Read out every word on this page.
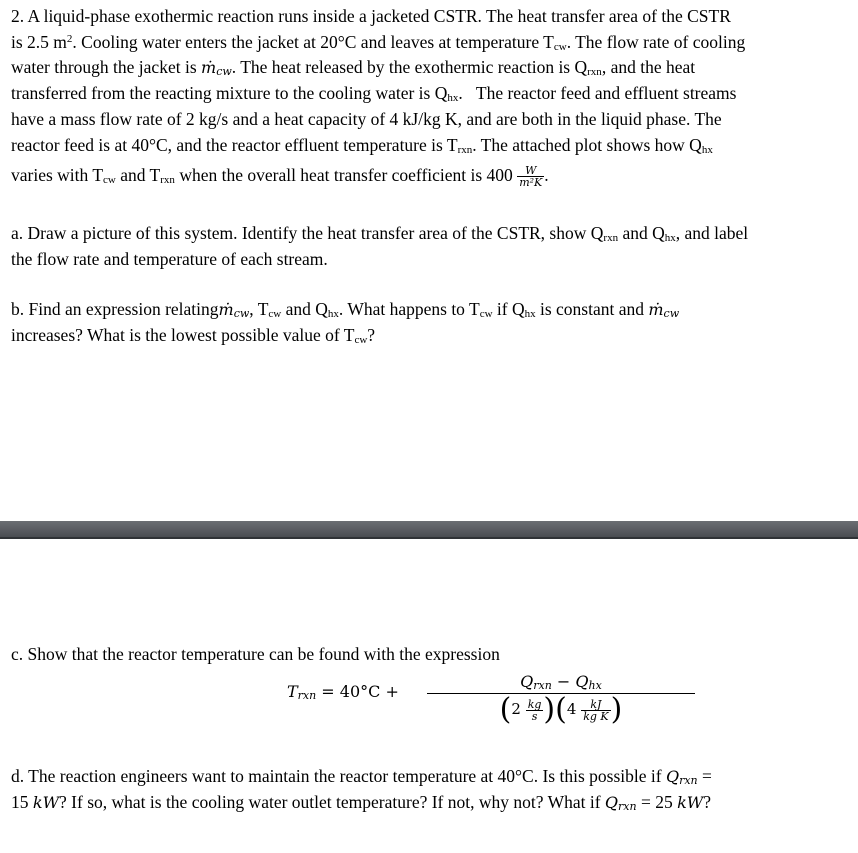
2. A liquid-phase exothermic reaction runs inside a jacketed CSTR. The heat transfer area of the CSTR
is 2.5 $m^2$. Cooling water enters the jacket at 20°C and leaves at temperature Tcw. The flow rate of cooling
water through the jacket is ṁcw. The heat released by the exothermic reaction is Qrxn, and the heat
transferred from the reacting mixture to the cooling water is Qhx.   The reactor feed and effluent streams
have a mass flow rate of 2 kg/s and a heat capacity of 4 kJ/kg K, and are both in the liquid phase. The
reactor feed is at 40°C, and the reactor effluent temperature is Trxn. The attached plot shows how Qhx
varies with Tcw and Trxn when the overall heat transfer coefficient is $400 \frac{W}{\text{m²K}}$ .
a. Draw a picture of this system. Identify the heat transfer area of the CSTR, show Qrxn and Qhx, and label
the flow rate and temperature of each stream.
b. Find an expression relatingṁcw, Tcw and Qhx. What happens to Tcw if Qhx is constant and ṁcw
increases? What is the lowest possible value of Tcw?
c. Show that the reactor temperature can be found with the expression
Trxn = 40°C +
Qrxn − Qhx
$(2 \frac{kg}{s} )(4 \frac{kJ}{\text{kg K}}$ )
d. The reaction engineers want to maintain the reactor temperature at 40°C. Is this possible if Qrxn =
15 kW? If so, what is the cooling water outlet temperature? If not, why not? What if Qrxn = 25 kW?
